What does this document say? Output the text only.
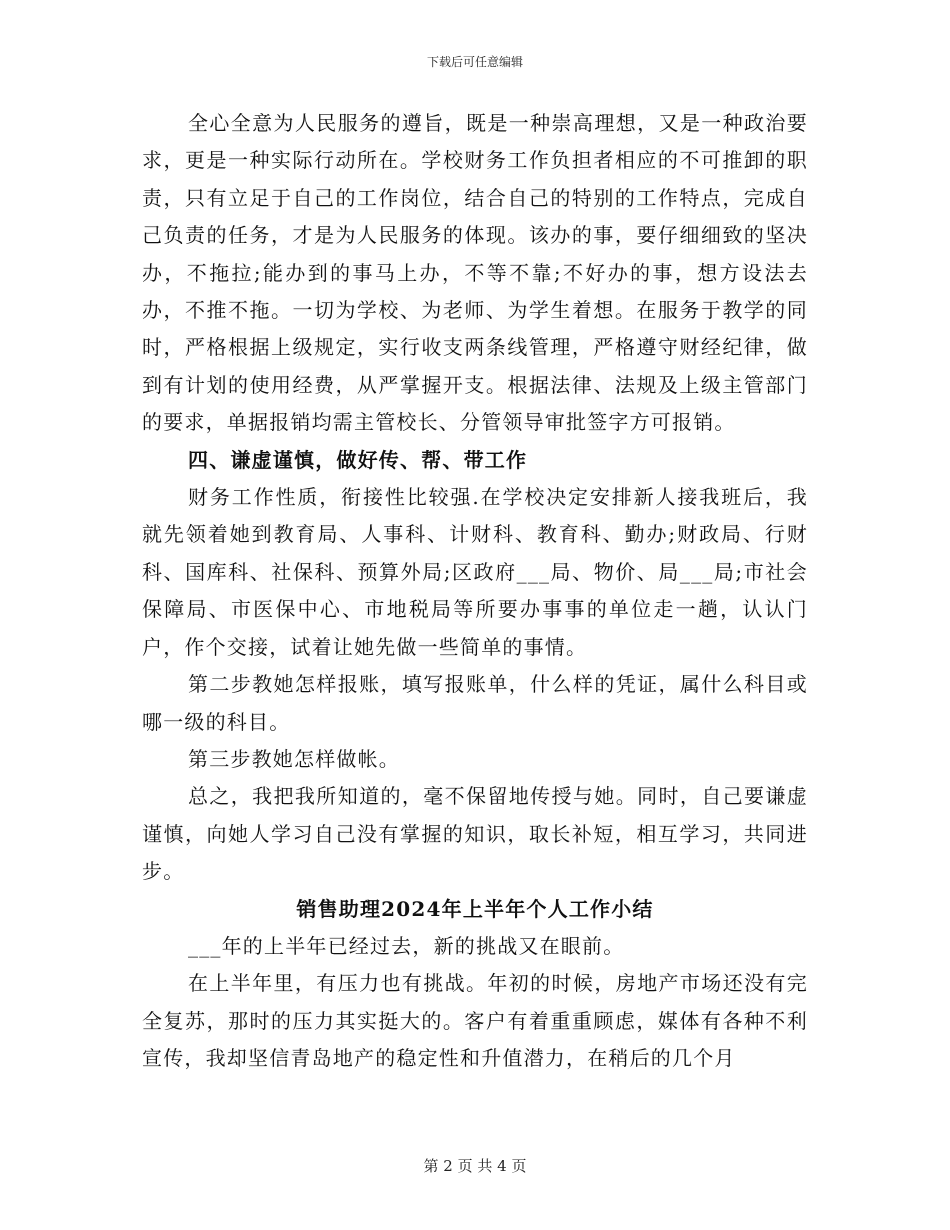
下载后可任意编辑

全心全意为人民服务的遵旨，既是一种崇高理想，又是一种政治要求，更是一种实际行动所在。学校财务工作负担者相应的不可推卸的职责，只有立足于自己的工作岗位，结合自己的特别的工作特点，完成自己负责的任务，才是为人民服务的体现。该办的事，要仔细细致的坚决办，不拖拉;能办到的事马上办，不等不靠;不好办的事，想方设法去办，不推不拖。一切为学校、为老师、为学生着想。在服务于教学的同时，严格根据上级规定，实行收支两条线管理，严格遵守财经纪律，做到有计划的使用经费，从严掌握开支。根据法律、法规及上级主管部门的要求，单据报销均需主管校长、分管领导审批签字方可报销。

四、谦虚谨慎，做好传、帮、带工作

财务工作性质，衔接性比较强.在学校决定安排新人接我班后，我就先领着她到教育局、人事科、计财科、教育科、勤办;财政局、行财科、国库科、社保科、预算外局;区政府___局、物价、局___局;市社会保障局、市医保中心、市地税局等所要办事事的单位走一趟，认认门户，作个交接，试着让她先做一些简单的事情。

第二步教她怎样报账，填写报账单，什么样的凭证，属什么科目或哪一级的科目。

第三步教她怎样做帐。

总之，我把我所知道的，毫不保留地传授与她。同时，自己要谦虚谨慎，向她人学习自己没有掌握的知识，取长补短，相互学习，共同进步。

销售助理2024年上半年个人工作小结

___年的上半年已经过去，新的挑战又在眼前。

在上半年里，有压力也有挑战。年初的时候，房地产市场还没有完全复苏，那时的压力其实挺大的。客户有着重重顾虑，媒体有各种不利宣传，我却坚信青岛地产的稳定性和升值潜力，在稍后的几个月

第 2 页 共 4 页
